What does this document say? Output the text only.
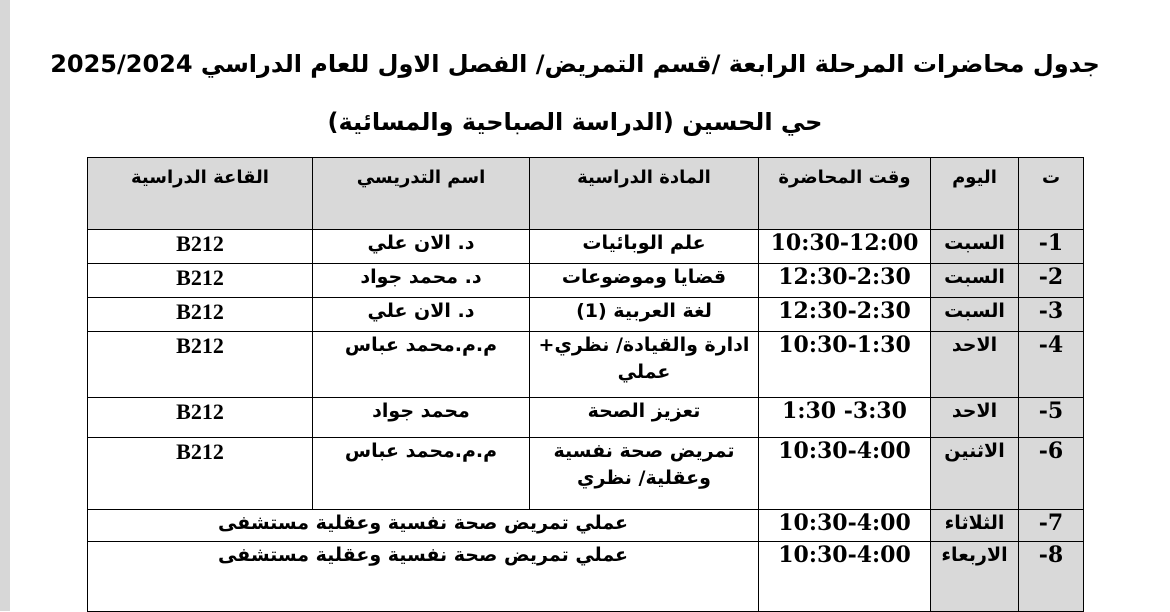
جدول محاضرات المرحلة الرابعة /قسم التمريض/ الفصل الاول للعام الدراسي 2025/2024
حي الحسين (الدراسة الصباحية والمسائية)
ت	اليوم	وقت المحاضرة	المادة الدراسية	اسم التدريسي	القاعة الدراسية
1-	السبت	10:30-12:00	علم الوبائيات	د. الان علي	B212
2-	السبت	12:30-2:30	قضايا وموضوعات	د. محمد جواد	B212
3-	السبت	12:30-2:30	لغة العربية (1)	د. الان علي	B212
4-	الاحد	10:30-1:30	ادارة والقيادة/ نظري+ عملي	م.م.محمد عباس	B212
5-	الاحد	1:30 -3:30	تعزيز الصحة	محمد جواد	B212
6-	الاثنين	10:30-4:00	تمريض صحة نفسية وعقلية/ نظري	م.م.محمد عباس	B212
7-	الثلاثاء	10:30-4:00	عملي تمريض صحة نفسية وعقلية مستشفى		
8-	الاربعاء	10:30-4:00	عملي تمريض صحة نفسية وعقلية مستشفى		
